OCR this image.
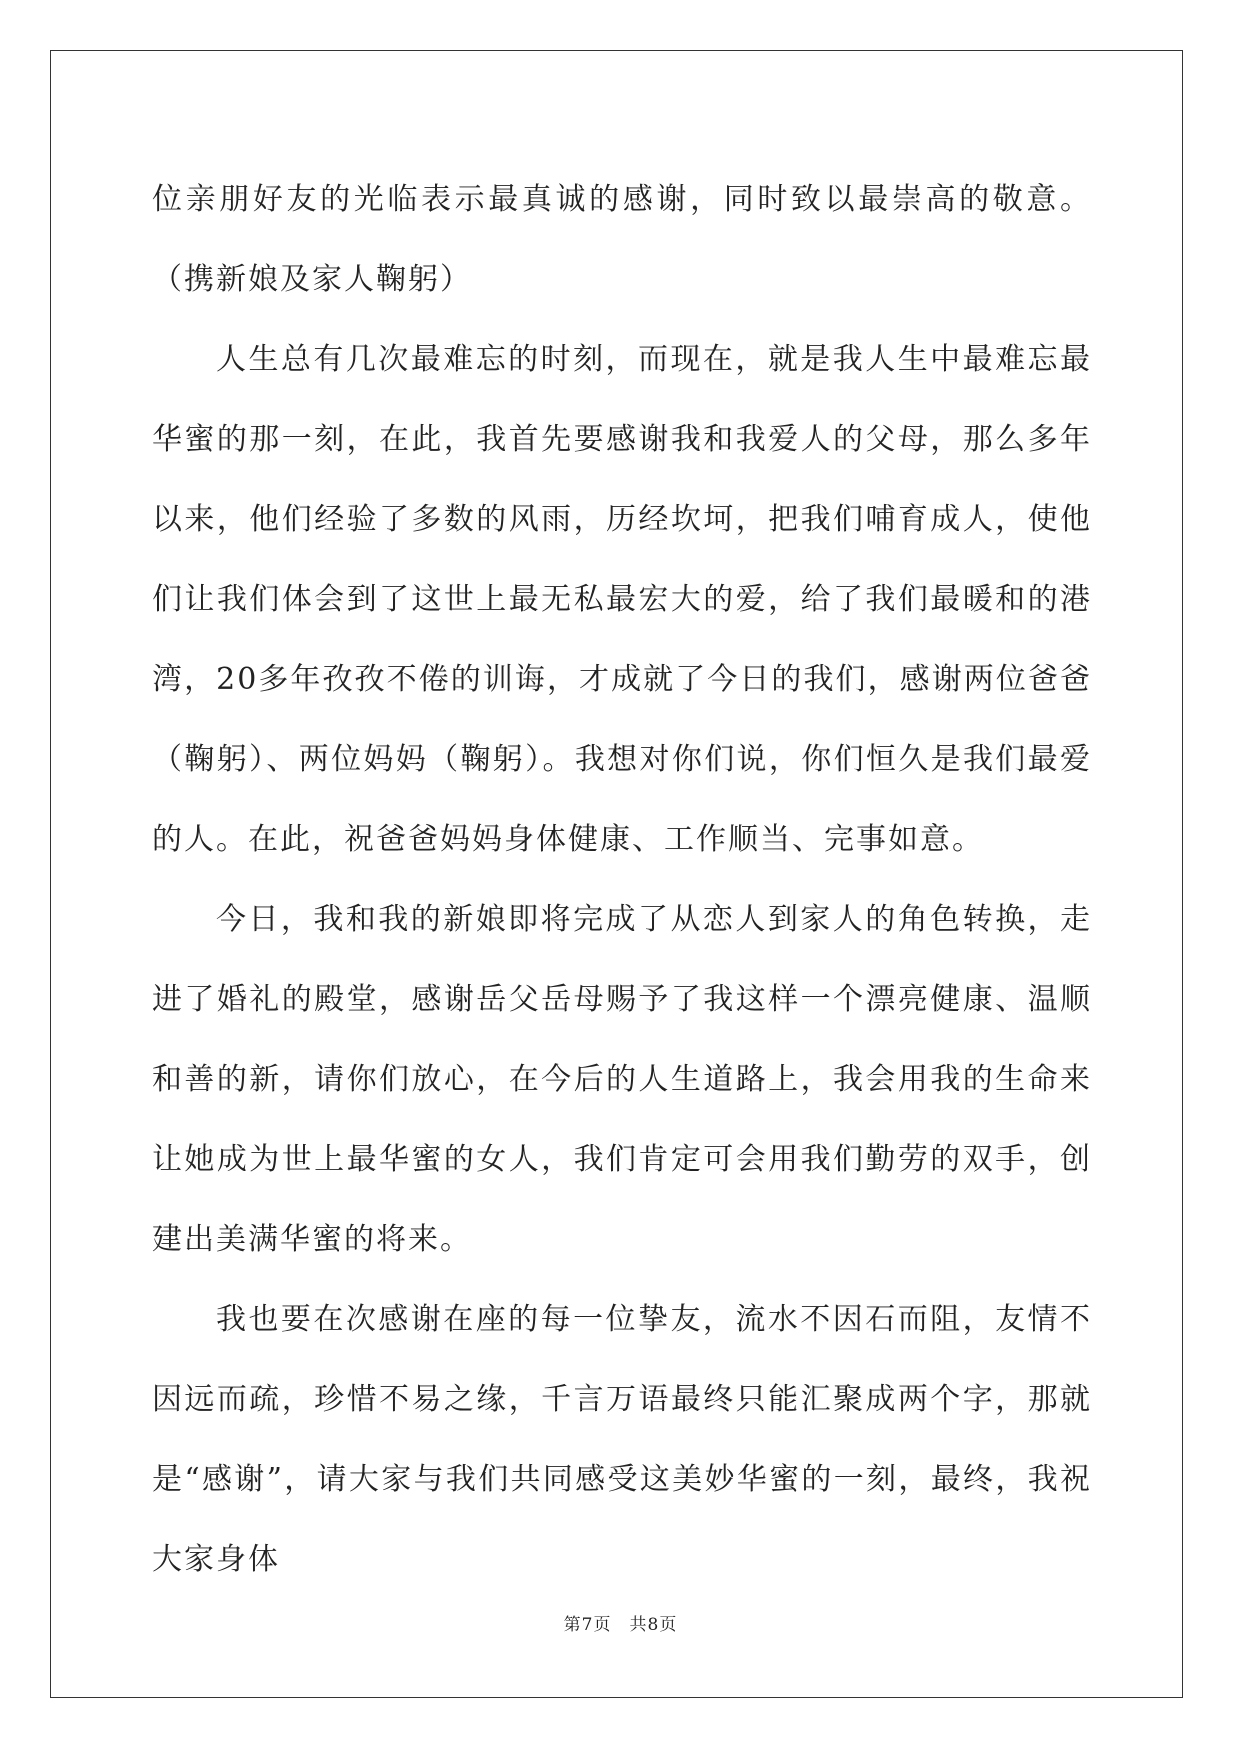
位亲朋好友的光临表示最真诚的感谢，同时致以最崇高的敬意。（携新娘及家人鞠躬）

人生总有几次最难忘的时刻，而现在，就是我人生中最难忘最华蜜的那一刻，在此，我首先要感谢我和我爱人的父母，那么多年以来，他们经验了多数的风雨，历经坎坷，把我们哺育成人，使他们让我们体会到了这世上最无私最宏大的爱，给了我们最暖和的港湾，20多年孜孜不倦的训诲，才成就了今日的我们，感谢两位爸爸（鞠躬）、两位妈妈（鞠躬）。我想对你们说，你们恒久是我们最爱的人。在此，祝爸爸妈妈身体健康、工作顺当、完事如意。

今日，我和我的新娘即将完成了从恋人到家人的角色转换，走进了婚礼的殿堂，感谢岳父岳母赐予了我这样一个漂亮健康、温顺和善的新，请你们放心，在今后的人生道路上，我会用我的生命来让她成为世上最华蜜的女人，我们肯定可会用我们勤劳的双手，创建出美满华蜜的将来。

我也要在次感谢在座的每一位挚友，流水不因石而阻，友情不因远而疏，珍惜不易之缘，千言万语最终只能汇聚成两个字，那就是“感谢”，请大家与我们共同感受这美妙华蜜的一刻，最终，我祝大家身体

第7页 共8页
